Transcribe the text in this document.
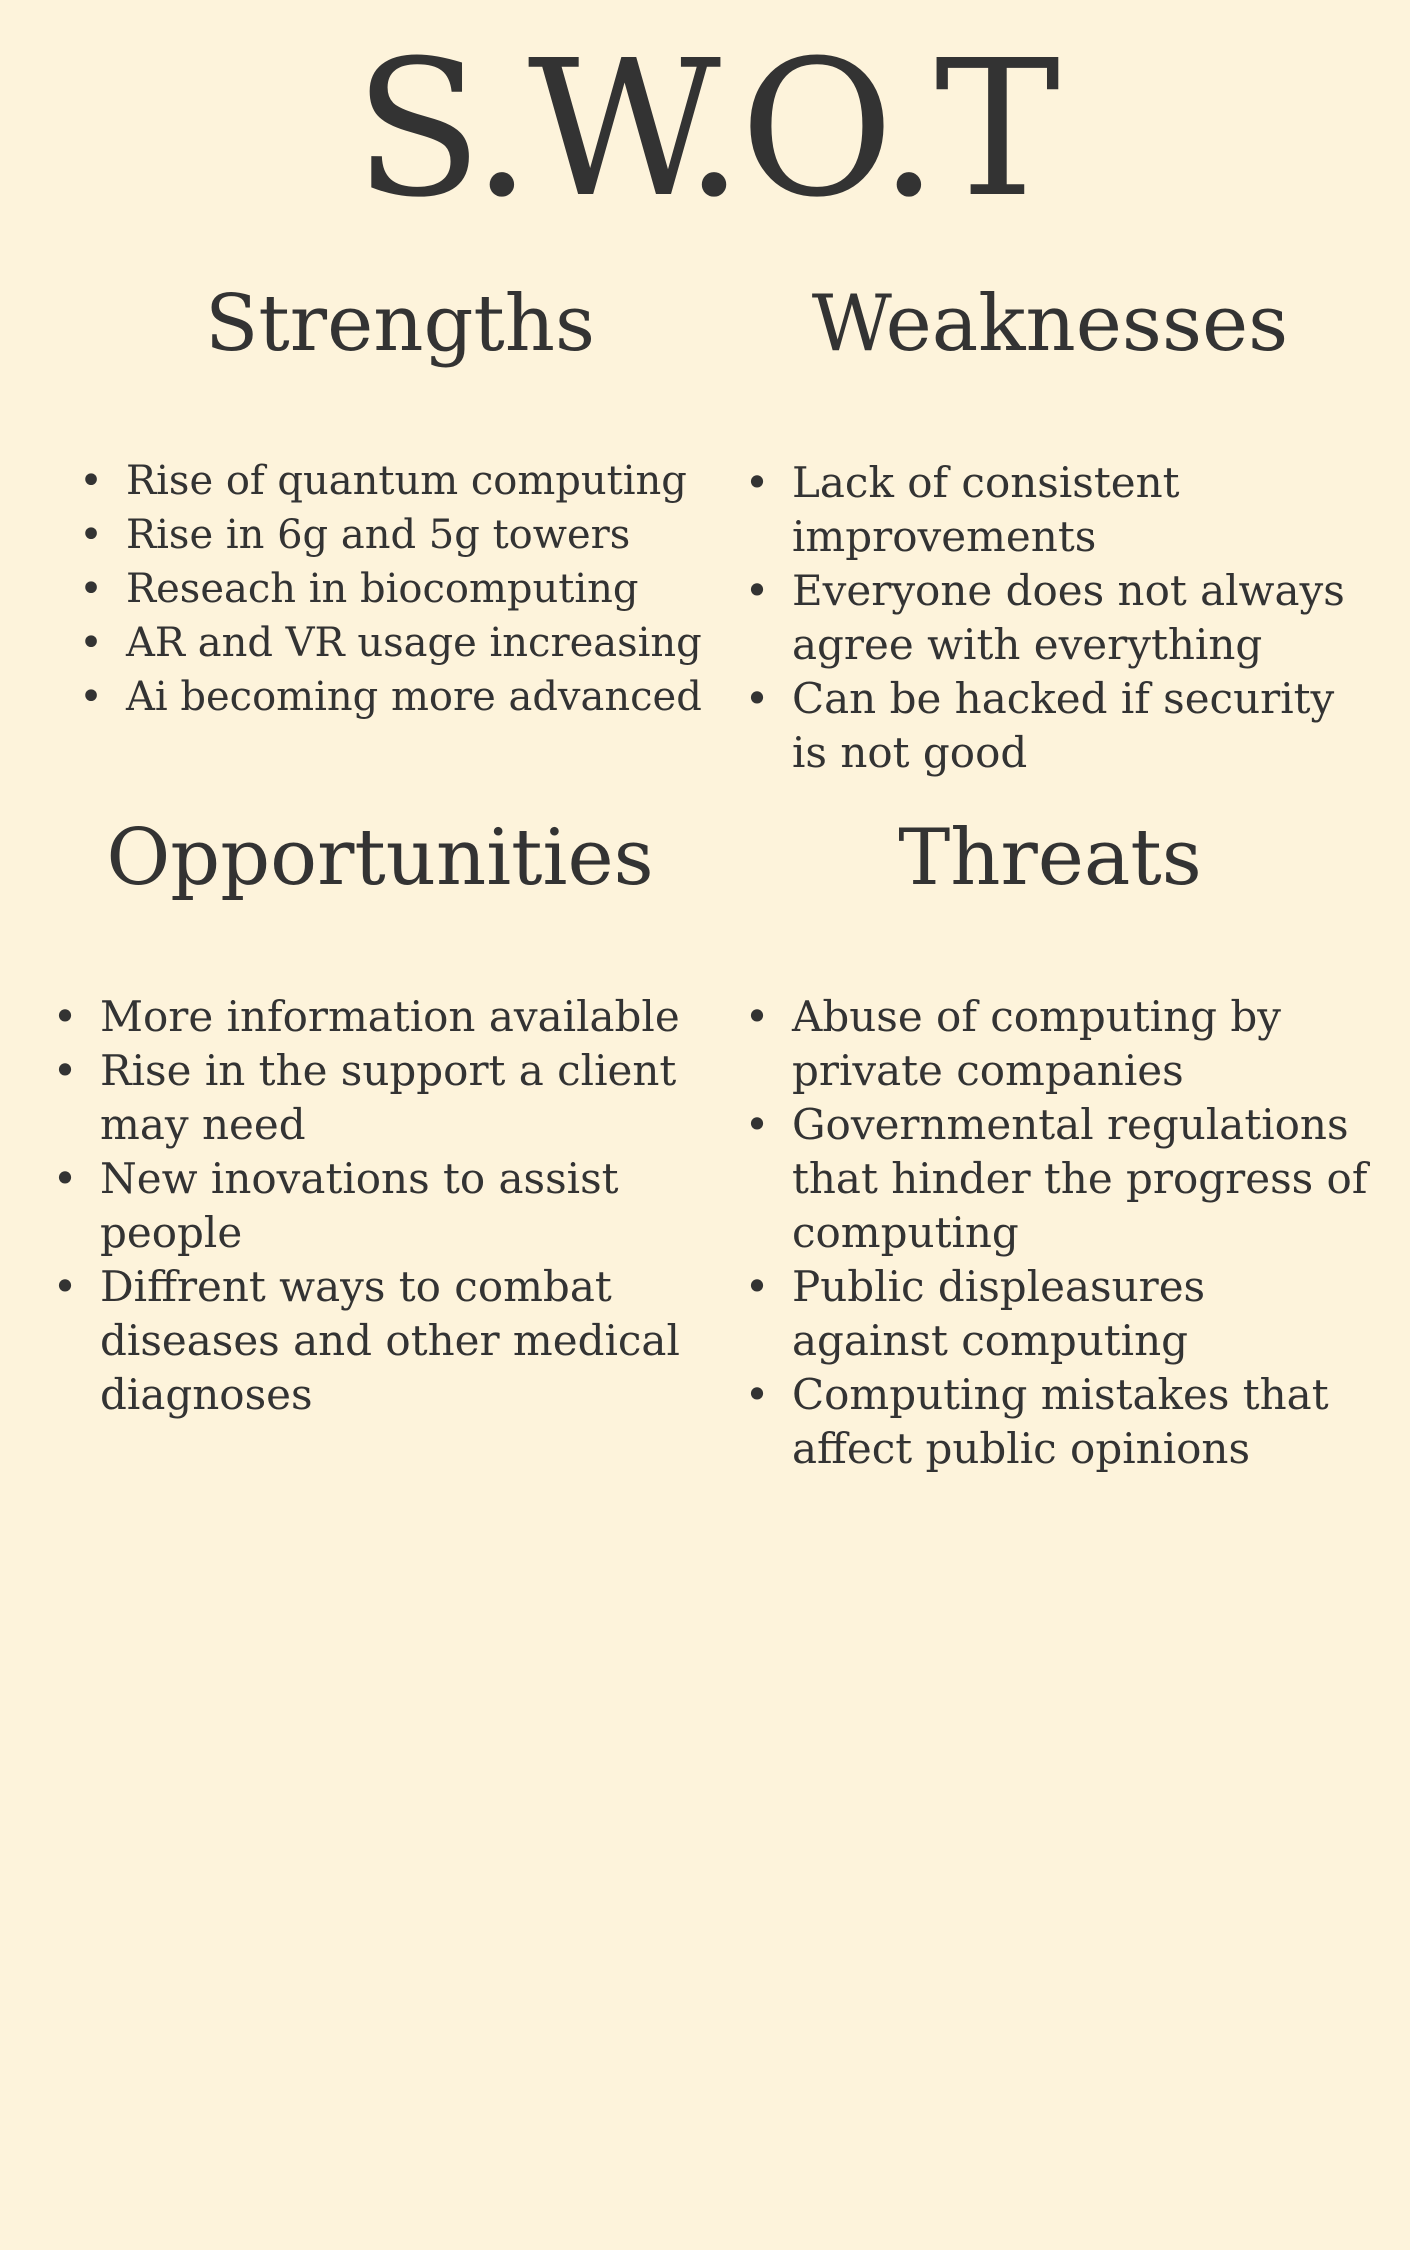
S.W.O.T
Strengths
• Rise of quantum computing
• Rise in 6g and 5g towers
• Reseach in biocomputing
• AR and VR usage increasing
• Ai becoming more advanced
Weaknesses
• Lack of consistent improvements
• Everyone does not always agree with everything
• Can be hacked if security is not good
Opportunities
• More information available
• Rise in the support a client may need
• New inovations to assist people
• Diffrent ways to combat diseases and other medical diagnoses
Threats
• Abuse of computing by private companies
• Governmental regulations that hinder the progress of computing
• Public displeasures against computing
• Computing mistakes that affect public opinions
